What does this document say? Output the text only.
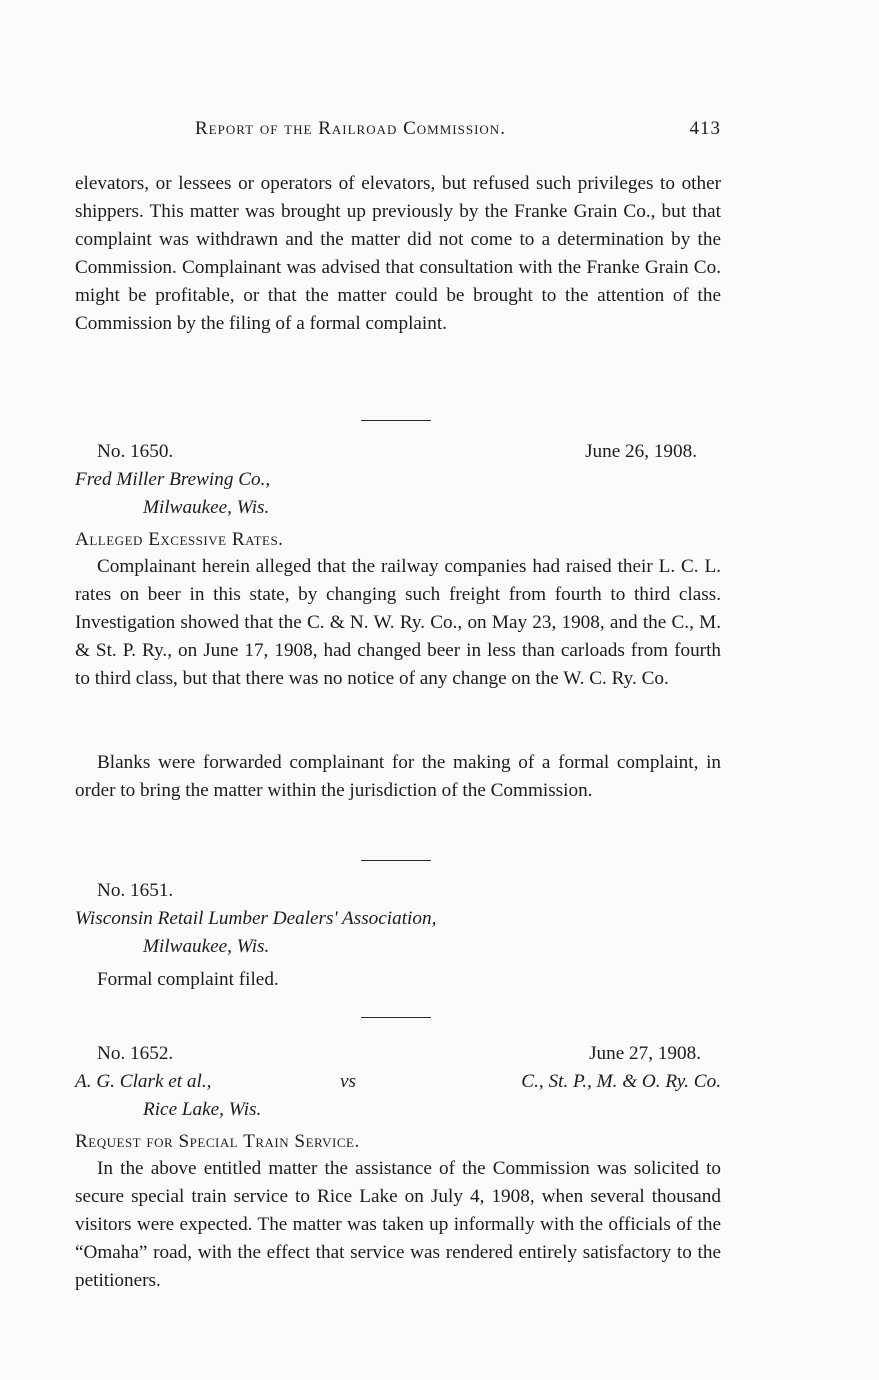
Report of the Railroad Commission.	413
elevators, or lessees or operators of elevators, but refused such privileges to other shippers. This matter was brought up previously by the Franke Grain Co., but that complaint was withdrawn and the matter did not come to a determination by the Commission. Complainant was advised that consultation with the Franke Grain Co. might be profitable, or that the matter could be brought to the attention of the Commission by the filing of a formal complaint.
No. 1650.	June 26, 1908.
Fred Miller Brewing Co.,
Milwaukee, Wis.
Alleged Excessive Rates.
Complainant herein alleged that the railway companies had raised their L. C. L. rates on beer in this state, by changing such freight from fourth to third class. Investigation showed that the C. & N. W. Ry. Co., on May 23, 1908, and the C., M. & St. P. Ry., on June 17, 1908, had changed beer in less than carloads from fourth to third class, but that there was no notice of any change on the W. C. Ry. Co.
Blanks were forwarded complainant for the making of a formal complaint, in order to bring the matter within the jurisdiction of the Commission.
No. 1651.
Wisconsin Retail Lumber Dealers' Association,
Milwaukee, Wis.
Formal complaint filed.
No. 1652.	June 27, 1908.
A. G. Clark et al.,	vs	C., St. P., M. & O. Ry. Co.
Rice Lake, Wis.
Request for Special Train Service.
In the above entitled matter the assistance of the Commission was solicited to secure special train service to Rice Lake on July 4, 1908, when several thousand visitors were expected. The matter was taken up informally with the officials of the “Omaha” road, with the effect that service was rendered entirely satisfactory to the petitioners.
